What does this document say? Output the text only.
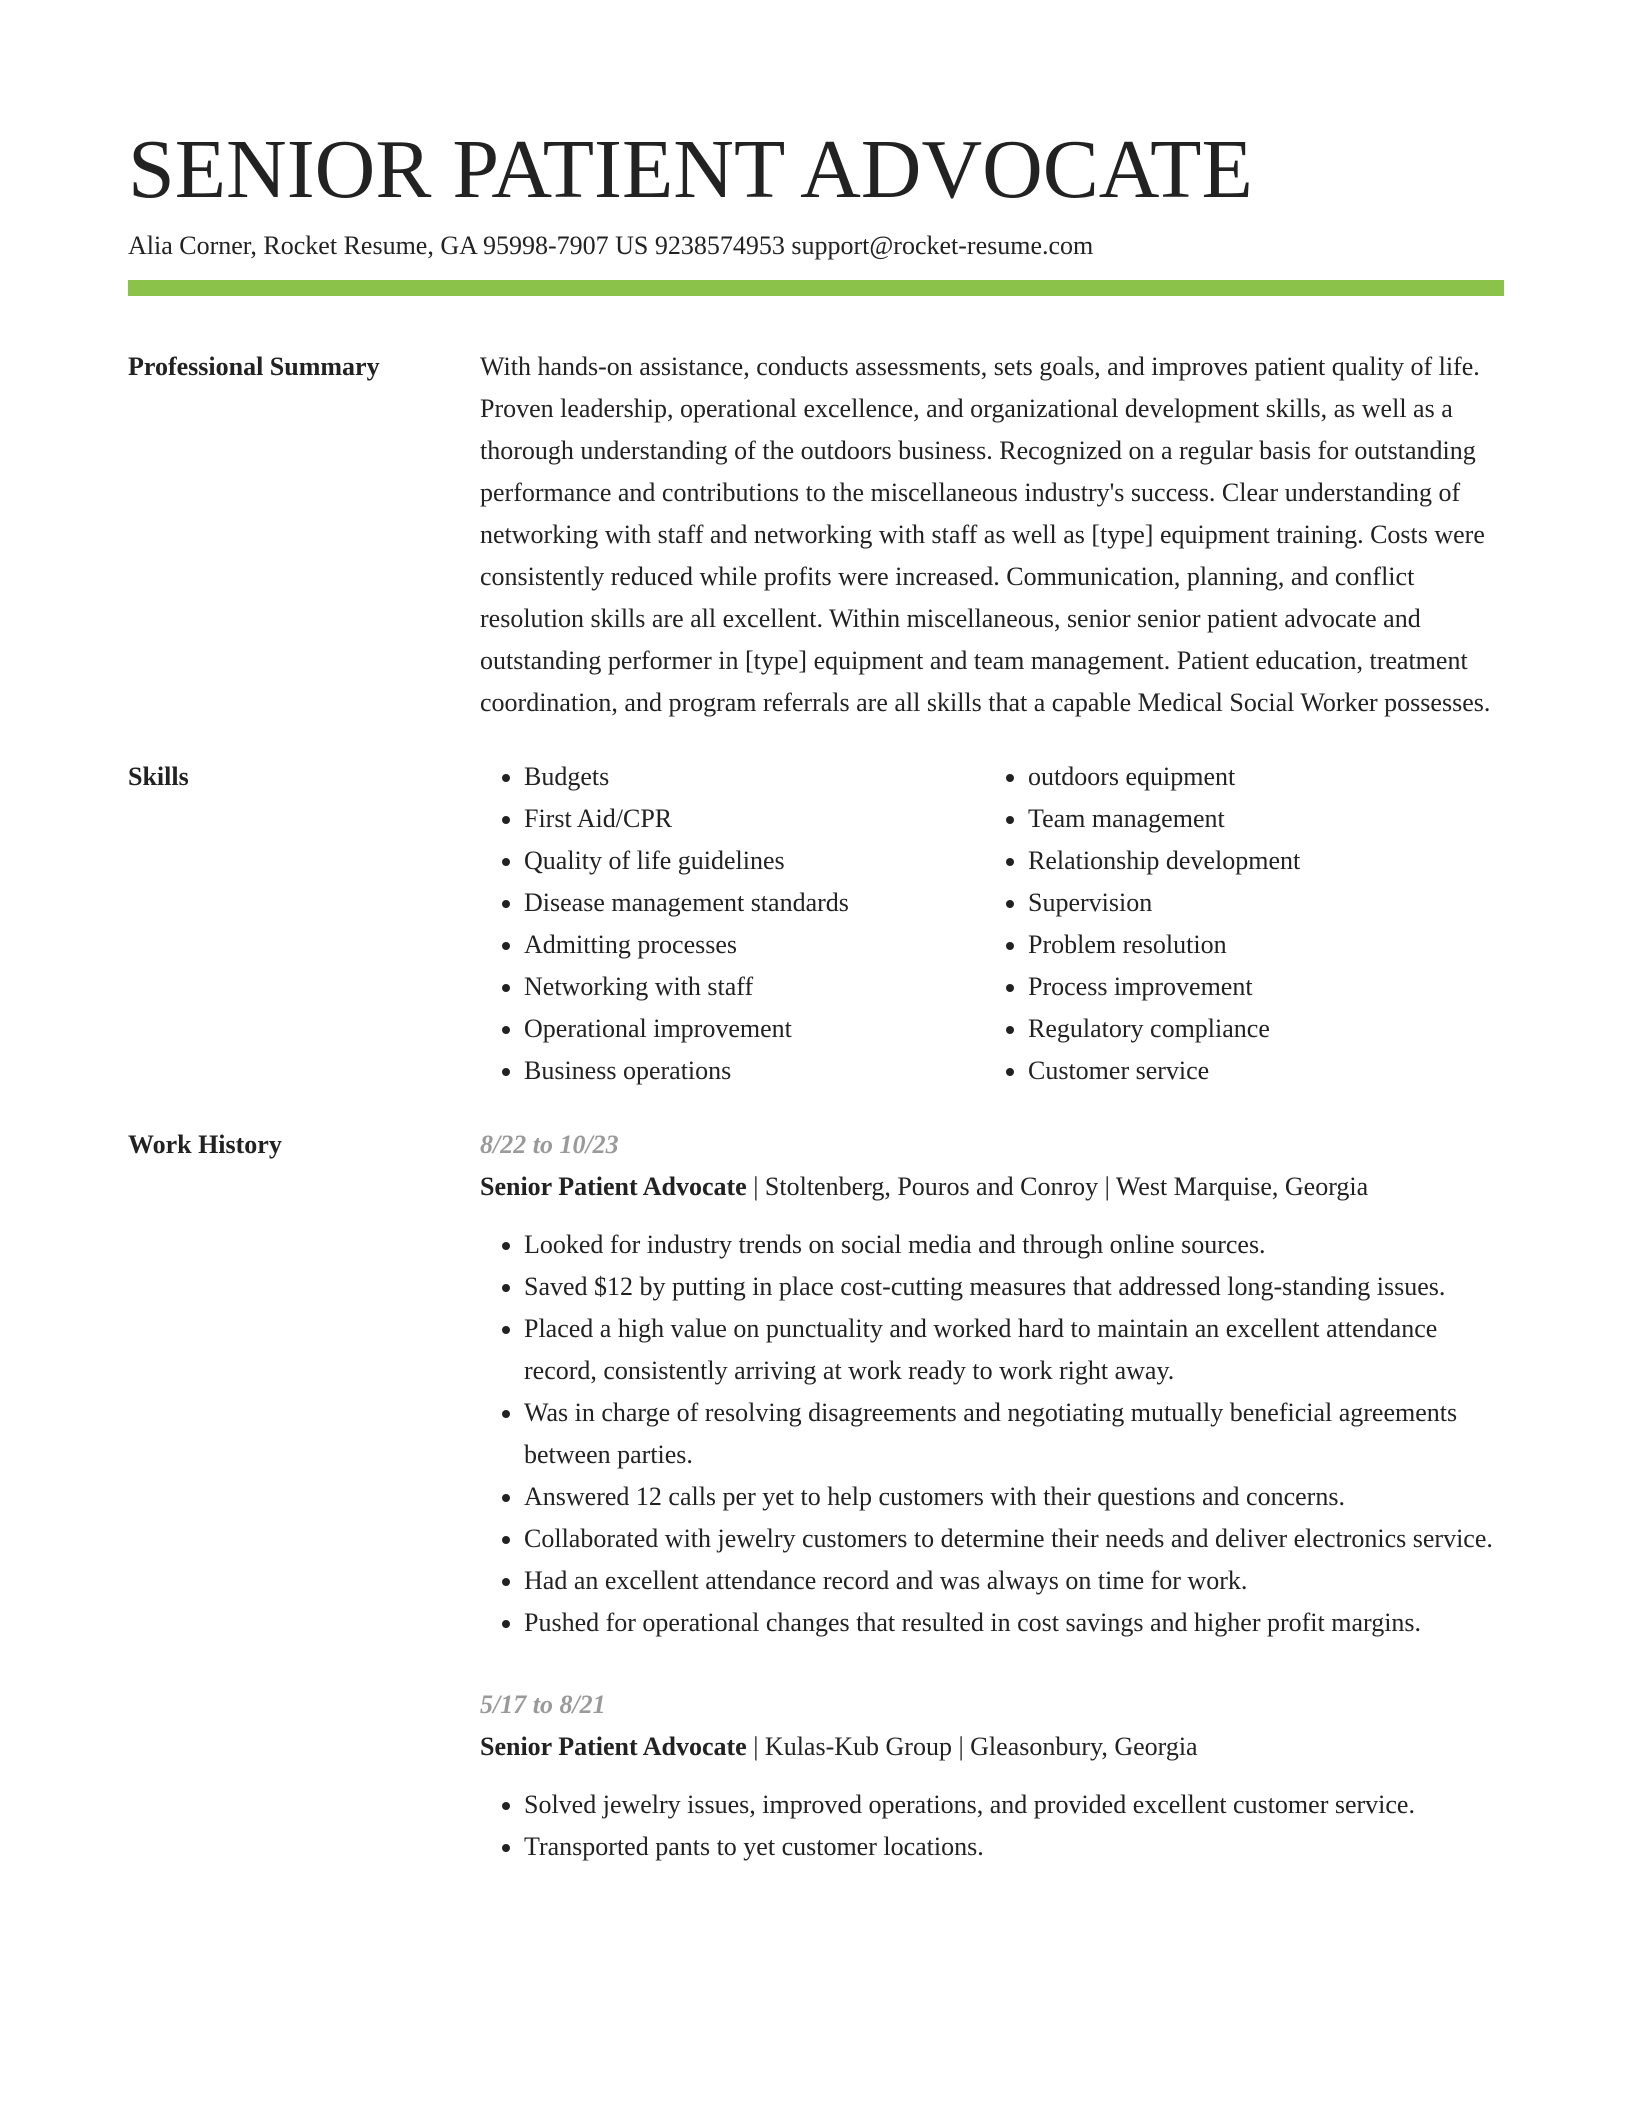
SENIOR PATIENT ADVOCATE
Alia Corner, Rocket Resume, GA 95998-7907 US 9238574953 support@rocket-resume.com
Professional Summary	With hands-on assistance, conducts assessments, sets goals, and improves patient quality of life. Proven leadership, operational excellence, and organizational development skills, as well as a thorough understanding of the outdoors business. Recognized on a regular basis for outstanding performance and contributions to the miscellaneous industry's success. Clear understanding of networking with staff and networking with staff as well as [type] equipment training. Costs were consistently reduced while profits were increased. Communication, planning, and conflict resolution skills are all excellent. Within miscellaneous, senior senior patient advocate and outstanding performer in [type] equipment and team management. Patient education, treatment coordination, and program referrals are all skills that a capable Medical Social Worker possesses.

Skills
•	Budgets
• First Aid/CPR
• Quality of life guidelines
• Disease management standards
• Admitting processes
• Networking with staff
• Operational improvement
• Business operations
• outdoors equipment
• Team management
• Relationship development
• Supervision
• Problem resolution
• Process improvement
• Regulatory compliance
• Customer service
Work History	8/22 to 10/23
Senior Patient Advocate | Stoltenberg, Pouros and Conroy | West Marquise, Georgia
• Looked for industry trends on social media and through online sources.
• Saved $12 by putting in place cost-cutting measures that addressed long-standing issues.
• Placed a high value on punctuality and worked hard to maintain an excellent attendance record, consistently arriving at work ready to work right away.
• Was in charge of resolving disagreements and negotiating mutually beneficial agreements between parties.
• Answered 12 calls per yet to help customers with their questions and concerns.
• Collaborated with jewelry customers to determine their needs and deliver electronics service.
• Had an excellent attendance record and was always on time for work.
• Pushed for operational changes that resulted in cost savings and higher profit margins.
5/17 to 8/21
Senior Patient Advocate | Kulas-Kub Group | Gleasonbury, Georgia
• Solved jewelry issues, improved operations, and provided excellent customer service.
• Transported pants to yet customer locations.
